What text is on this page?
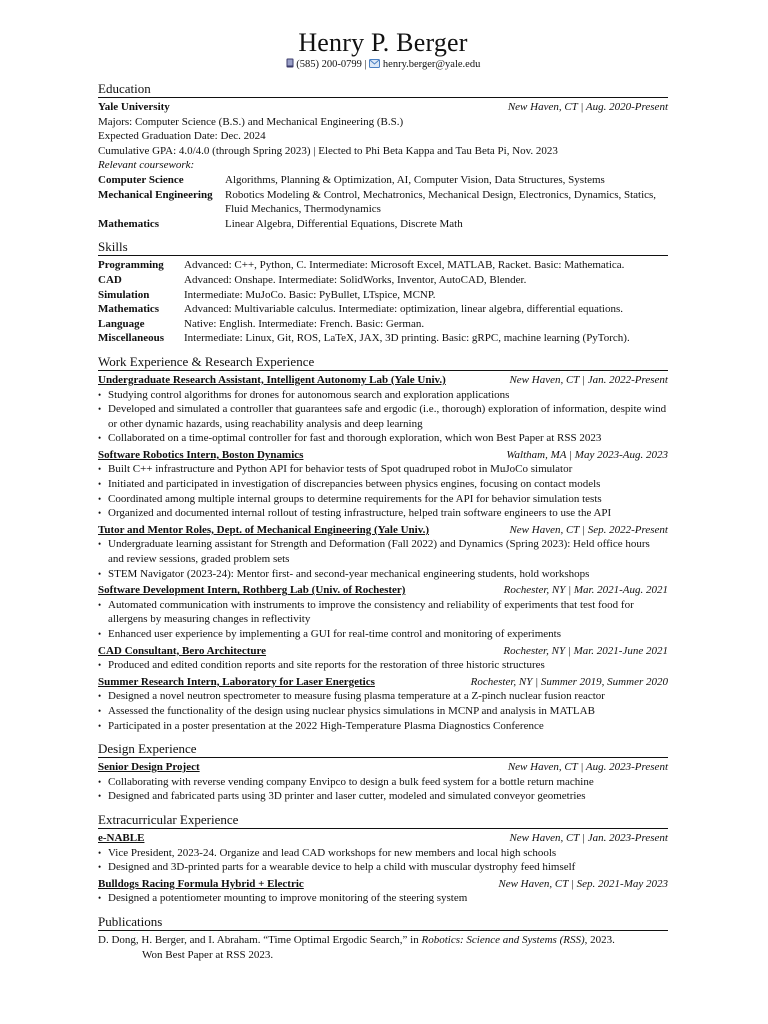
Henry P. Berger
(585) 200-0799 | henry.berger@yale.edu
Education
Yale University	New Haven, CT | Aug. 2020-Present
Majors: Computer Science (B.S.) and Mechanical Engineering (B.S.)
Expected Graduation Date: Dec. 2024
Cumulative GPA: 4.0/4.0 (through Spring 2023) | Elected to Phi Beta Kappa and Tau Beta Pi, Nov. 2023
Relevant coursework:
Computer Science	Algorithms, Planning & Optimization, AI, Computer Vision, Data Structures, Systems
Mechanical Engineering	Robotics Modeling & Control, Mechatronics, Mechanical Design, Electronics, Dynamics, Statics, Fluid Mechanics, Thermodynamics
Mathematics	Linear Algebra, Differential Equations, Discrete Math
Skills
Programming	Advanced: C++, Python, C. Intermediate: Microsoft Excel, MATLAB, Racket. Basic: Mathematica.
CAD	Advanced: Onshape. Intermediate: SolidWorks, Inventor, AutoCAD, Blender.
Simulation	Intermediate: MuJoCo. Basic: PyBullet, LTspice, MCNP.
Mathematics	Advanced: Multivariable calculus. Intermediate: optimization, linear algebra, differential equations.
Language	Native: English. Intermediate: French. Basic: German.
Miscellaneous	Intermediate: Linux, Git, ROS, LaTeX, JAX, 3D printing. Basic: gRPC, machine learning (PyTorch).
Work Experience & Research Experience
Undergraduate Research Assistant, Intelligent Autonomy Lab (Yale Univ.)	New Haven, CT | Jan. 2022-Present
• Studying control algorithms for drones for autonomous search and exploration applications
• Developed and simulated a controller that guarantees safe and ergodic (i.e., thorough) exploration of information, despite wind or other dynamic hazards, using reachability analysis and deep learning
• Collaborated on a time-optimal controller for fast and thorough exploration, which won Best Paper at RSS 2023
Software Robotics Intern, Boston Dynamics	Waltham, MA | May 2023-Aug. 2023
• Built C++ infrastructure and Python API for behavior tests of Spot quadruped robot in MuJoCo simulator
• Initiated and participated in investigation of discrepancies between physics engines, focusing on contact models
• Coordinated among multiple internal groups to determine requirements for the API for behavior simulation tests
• Organized and documented internal rollout of testing infrastructure, helped train software engineers to use the API
Tutor and Mentor Roles, Dept. of Mechanical Engineering (Yale Univ.)	New Haven, CT | Sep. 2022-Present
• Undergraduate learning assistant for Strength and Deformation (Fall 2022) and Dynamics (Spring 2023): Held office hours and review sessions, graded problem sets
• STEM Navigator (2023-24): Mentor first- and second-year mechanical engineering students, hold workshops
Software Development Intern, Rothberg Lab (Univ. of Rochester)	Rochester, NY | Mar. 2021-Aug. 2021
• Automated communication with instruments to improve the consistency and reliability of experiments that test food for allergens by measuring changes in reflectivity
• Enhanced user experience by implementing a GUI for real-time control and monitoring of experiments
CAD Consultant, Bero Architecture	Rochester, NY | Mar. 2021-June 2021
• Produced and edited condition reports and site reports for the restoration of three historic structures
Summer Research Intern, Laboratory for Laser Energetics	Rochester, NY | Summer 2019, Summer 2020
• Designed a novel neutron spectrometer to measure fusing plasma temperature at a Z-pinch nuclear fusion reactor
• Assessed the functionality of the design using nuclear physics simulations in MCNP and analysis in MATLAB
• Participated in a poster presentation at the 2022 High-Temperature Plasma Diagnostics Conference
Design Experience
Senior Design Project	New Haven, CT | Aug. 2023-Present
• Collaborating with reverse vending company Envipco to design a bulk feed system for a bottle return machine
• Designed and fabricated parts using 3D printer and laser cutter, modeled and simulated conveyor geometries
Extracurricular Experience
e-NABLE	New Haven, CT | Jan. 2023-Present
• Vice President, 2023-24. Organize and lead CAD workshops for new members and local high schools
• Designed and 3D-printed parts for a wearable device to help a child with muscular dystrophy feed himself
Bulldogs Racing Formula Hybrid + Electric	New Haven, CT | Sep. 2021-May 2023
• Designed a potentiometer mounting to improve monitoring of the steering system
Publications
D. Dong, H. Berger, and I. Abraham. “Time Optimal Ergodic Search,” in Robotics: Science and Systems (RSS), 2023.
Won Best Paper at RSS 2023.
